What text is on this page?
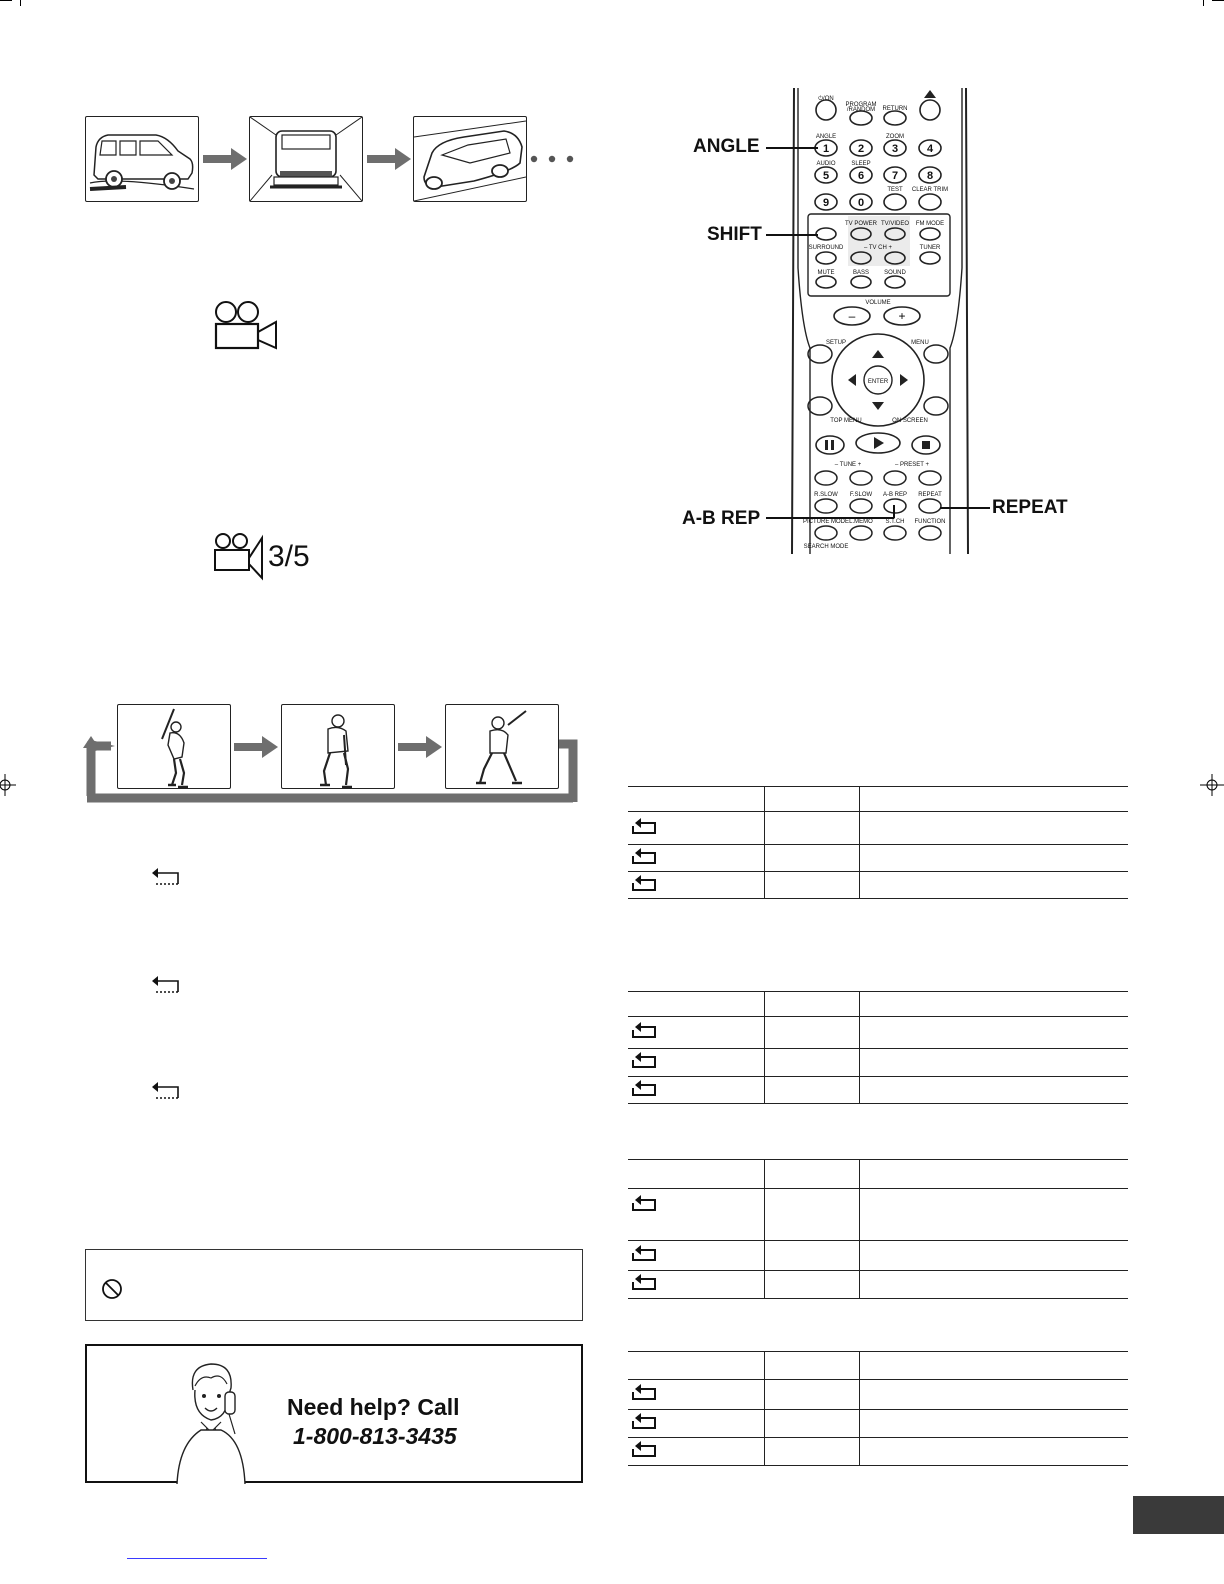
3/5
Need help? Call
1-800-813-3435
1	2	3	4
5	6	7	8
9	0
–	+
⏻/ON
PROGRAM
/RANDOM RETURN
ANGLE	ZOOM
AUDIO	SLEEP
TEST CLEAR TRIM
TV POWER TV/VIDEO FM MODE
SURROUND	– TV CH +	TUNER
MUTE	BASS	SOUND
VOLUME
SETUP	MENU
ENTER
TOP MENU	ON SCREEN
– TUNE +	– PRESET +
R.SLOW F.SLOW A-B REP REPEAT
PICTURE MODE L.MEMO S.T.CH FUNCTION
SEARCH MODE
ANGLE
SHIFT
A-B REP
REPEAT
